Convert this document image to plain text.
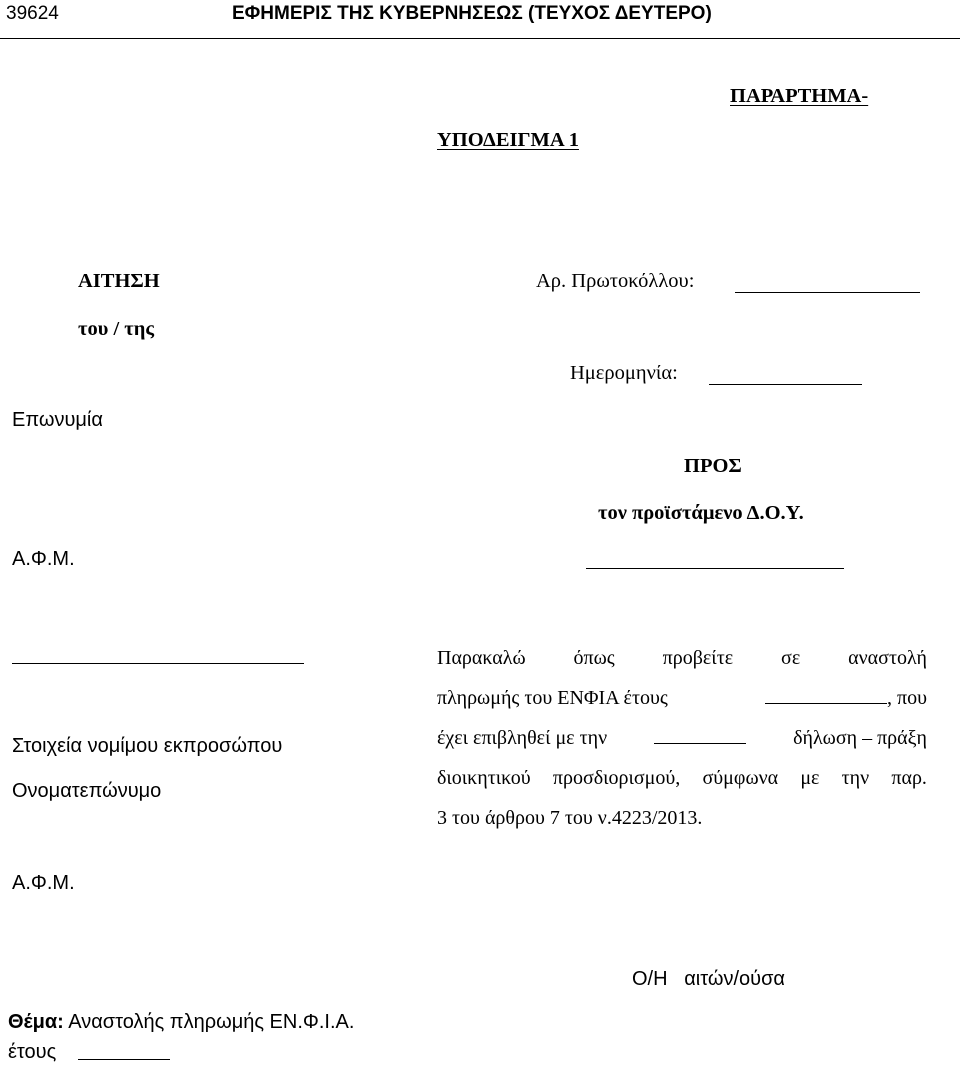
39624	ΕΦΗΜΕΡΙΣ ΤΗΣ ΚΥΒΕΡΝΗΣΕΩΣ (ΤΕΥΧΟΣ ΔΕΥΤΕΡΟ)
ΠΑΡΑΡΤΗΜΑ-
ΥΠΟΔΕΙΓΜΑ 1
ΑΙΤΗΣΗ
του / της
Επωνυμία
Α.Φ.Μ.
Στοιχεία νομίμου εκπροσώπου
Ονοματεπώνυμο
Α.Φ.Μ.
Αρ. Πρωτοκόλλου:
Ημερομηνία:
ΠΡΟΣ
τον προϊστάμενο Δ.Ο.Υ.
Παρακαλώ όπως προβείτε σε αναστολή
πληρωμής του ΕΝΦΙΑ έτους	, που
έχει επιβληθεί με την	δήλωση – πράξη
διοικητικού προσδιορισμού, σύμφωνα με την παρ.
3 του άρθρου 7 του ν.4223/2013.
Ο/Η   αιτών/ούσα
Θέμα: Αναστολής πληρωμής ΕΝ.Φ.Ι.Α.
έτους
